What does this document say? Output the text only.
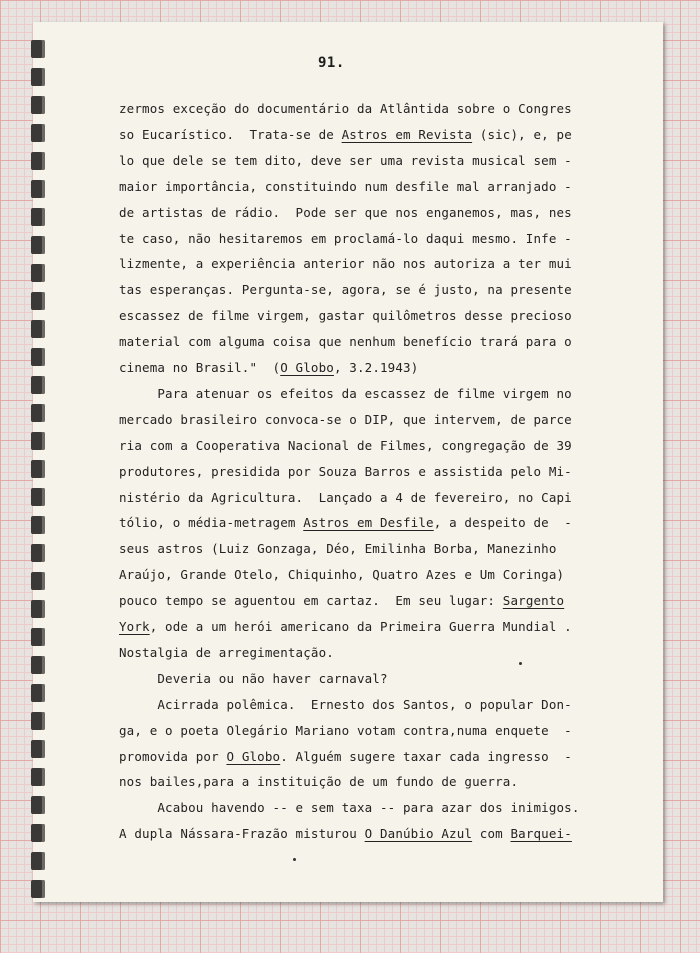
91.
zermos exceção do documentário da Atlântida sobre o Congres
so Eucarístico.  Trata-se de Astros em Revista (sic), e, pe
lo que dele se tem dito, deve ser uma revista musical sem -
maior importância, constituindo num desfile mal arranjado -
de artistas de rádio.  Pode ser que nos enganemos, mas, nes
te caso, não hesitaremos em proclamá-lo daqui mesmo. Infe -
lizmente, a experiência anterior não nos autoriza a ter mui
tas esperanças. Pergunta-se, agora, se é justo, na presente
escassez de filme virgem, gastar quilômetros desse precioso
material com alguma coisa que nenhum benefício trará para o
cinema no Brasil."  (O Globo, 3.2.1943)
Para atenuar os efeitos da escassez de filme virgem no
mercado brasileiro convoca-se o DIP, que intervem, de parce
ria com a Cooperativa Nacional de Filmes, congregação de 39
produtores, presidida por Souza Barros e assistida pelo Mi-
nistério da Agricultura.  Lançado a 4 de fevereiro, no Capi
tólio, o média-metragem Astros em Desfile, a despeito de  -
seus astros (Luiz Gonzaga, Déo, Emilinha Borba, Manezinho
Araújo, Grande Otelo, Chiquinho, Quatro Azes e Um Coringa)
pouco tempo se aguentou em cartaz.  Em seu lugar: Sargento
York, ode a um herói americano da Primeira Guerra Mundial .
Nostalgia de arregimentação.
Deveria ou não haver carnaval?
Acirrada polêmica.  Ernesto dos Santos, o popular Don-
ga, e o poeta Olegário Mariano votam contra,numa enquete  -
promovida por O Globo. Alguém sugere taxar cada ingresso  -
nos bailes,para a instituição de um fundo de guerra.
Acabou havendo -- e sem taxa -- para azar dos inimigos.
A dupla Nássara-Frazão misturou O Danúbio Azul com Barquei-
